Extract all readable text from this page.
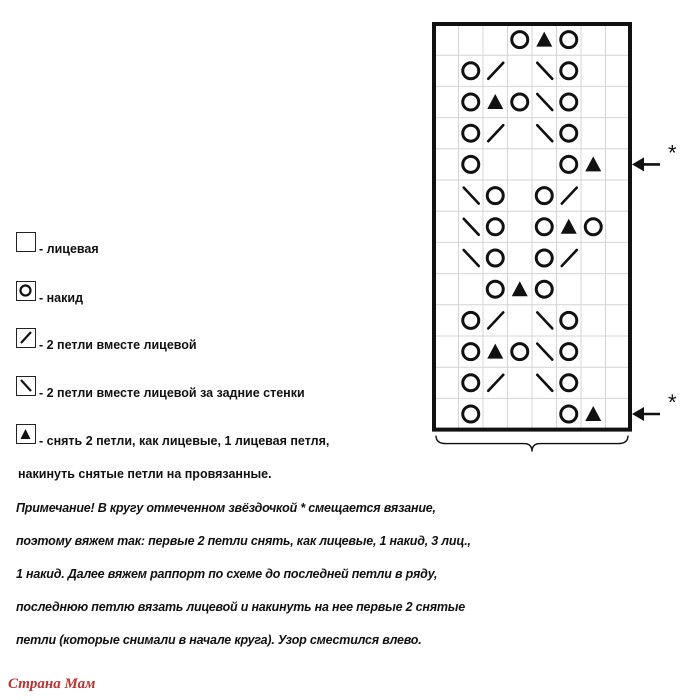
*
*
- лицевая
- накид
- 2 петли вместе лицевой
- 2 петли вместе лицевой за задние стенки
- снять 2 петли, как лицевые, 1 лицевая петля,
накинуть снятые петли на провязанные.
Примечание! В кругу отмеченном звёздочкой * смещается вязание,
поэтому вяжем так: первые 2 петли снять, как лицевые, 1 накид, 3 лиц.,
1 накид. Далее вяжем раппорт по схеме до последней петли в ряду,
последнюю петлю вязать лицевой и накинуть на нее первые 2 снятые
петли (которые снимали в начале круга). Узор сместился влево.
Страна Мам
